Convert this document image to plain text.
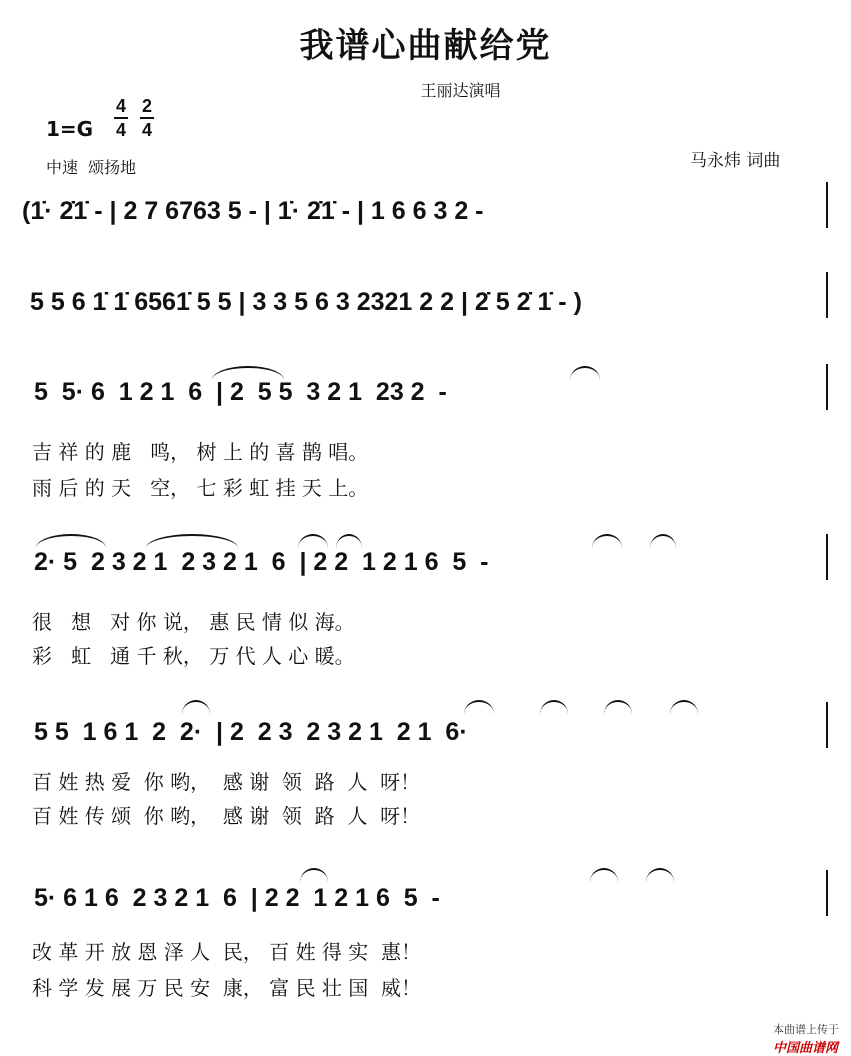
我谱心曲献给党
王丽达演唱
1=G
4
4
2
4
中速  颂扬地	马永炜 词曲
(1̇· 2̇1̇ - | 2 7 6763 5 - | 1̇· 2̇1̇ - | 1 6 6 3 2 -
5 5 6 1̇ 1̇ 6561̇ 5 5 | 3 3 5 6 3 2321 2 2 | 2̇ 5 2̇ 1̇ - )
5  5· 6  1 2 1  6  | 2  5 5  3 2 1  23 2  -
吉 祥 的 鹿   鸣， 树 上 的 喜 鹊 唱。
雨 后 的 天   空， 七 彩 虹 挂 天 上。
2· 5  2 3 2 1  2 3 2 1  6  | 2 2  1 2 1 6  5  -
很   想   对 你 说， 惠 民 情 似 海。
彩   虹   通 千 秋， 万 代 人 心 暖。
5 5  1 6 1  2  2·  | 2  2 3  2 3 2 1  2 1  6·
百 姓 热 爱  你 哟，  感 谢  领  路  人  呀！
百 姓 传 颂  你 哟，  感 谢  领  路  人  呀！
5· 6 1 6  2 3 2 1  6  | 2 2  1 2 1 6  5  -
改 革 开 放 恩 泽 人  民， 百 姓 得 实  惠！
科 学 发 展 万 民 安  康， 富 民 壮 国  威！

本曲谱上传于
中国曲谱网
